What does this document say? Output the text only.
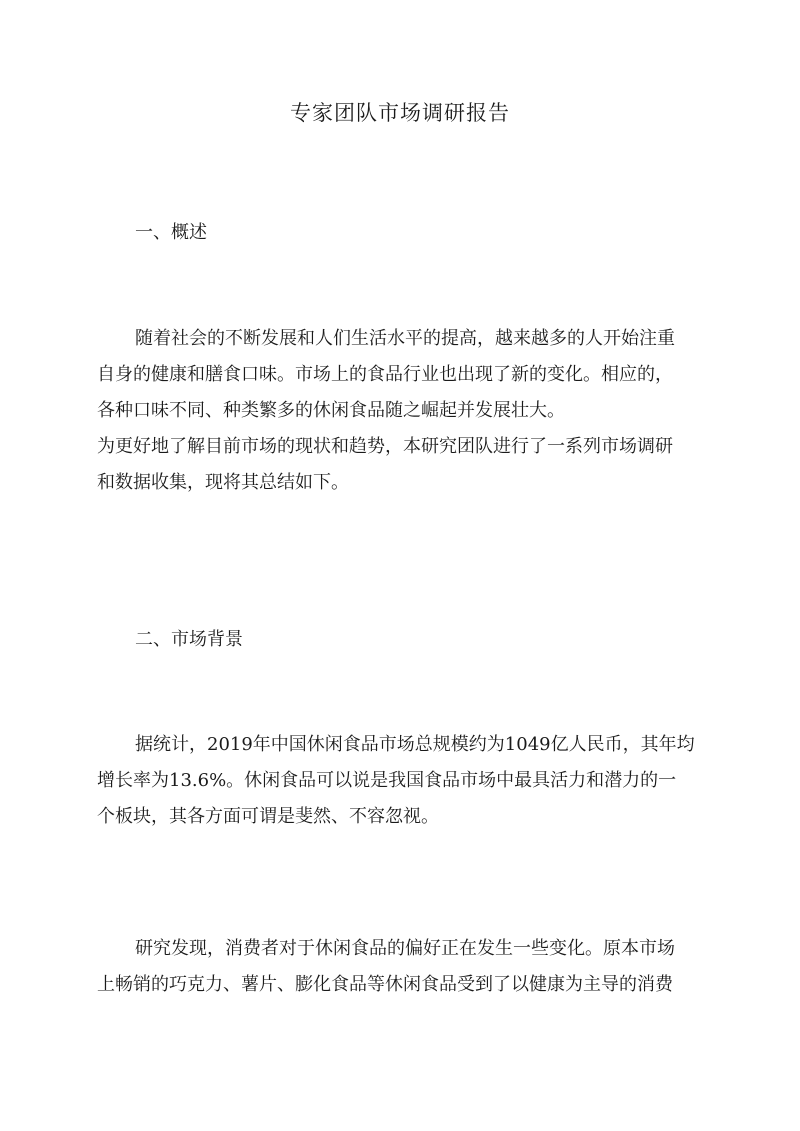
专家团队市场调研报告
一、概述
随着社会的不断发展和人们生活水平的提高，越来越多的人开始注重
自身的健康和膳食口味。市场上的食品行业也出现了新的变化。相应的，
各种口味不同、种类繁多的休闲食品随之崛起并发展壮大。
为更好地了解目前市场的现状和趋势，本研究团队进行了一系列市场调研
和数据收集，现将其总结如下。
二、市场背景
据统计，2019年中国休闲食品市场总规模约为1049亿人民币，其年均
增长率为13.6%。休闲食品可以说是我国食品市场中最具活力和潜力的一
个板块，其各方面可谓是斐然、不容忽视。
研究发现，消费者对于休闲食品的偏好正在发生一些变化。原本市场
上畅销的巧克力、薯片、膨化食品等休闲食品受到了以健康为主导的消费
